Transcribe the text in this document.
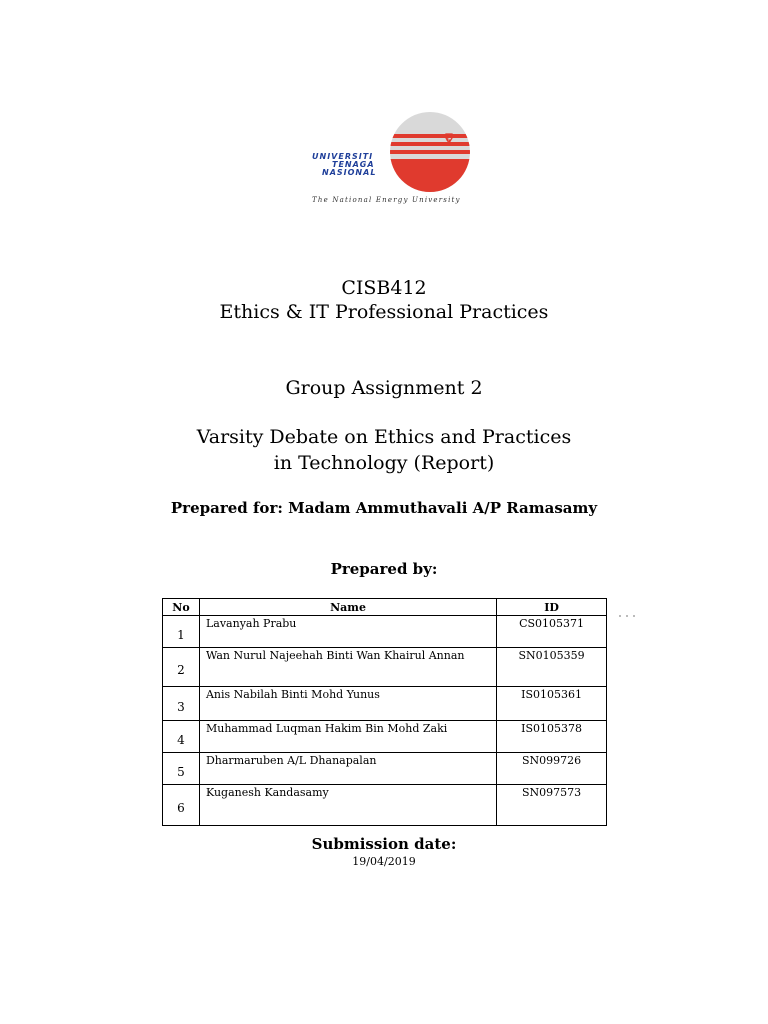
UNIVERSITI
TENAGA
NASIONAL
The National Energy University
CISB412
Ethics & IT Professional Practices
Group Assignment 2
Varsity Debate on Ethics and Practices
in Technology (Report)
Prepared for: Madam Ammuthavali A/P Ramasamy
Prepared by:
No	Name	ID
1	Lavanyah Prabu	CS0105371
2	Wan Nurul Najeehah Binti Wan Khairul Annan	SN0105359
3	Anis Nabilah Binti Mohd Yunus	IS0105361
4	Muhammad Luqman Hakim Bin Mohd Zaki	IS0105378
5	Dharmaruben A/L Dhanapalan	SN099726
6	Kuganesh Kandasamy	SN097573
Submission date:
19/04/2019
